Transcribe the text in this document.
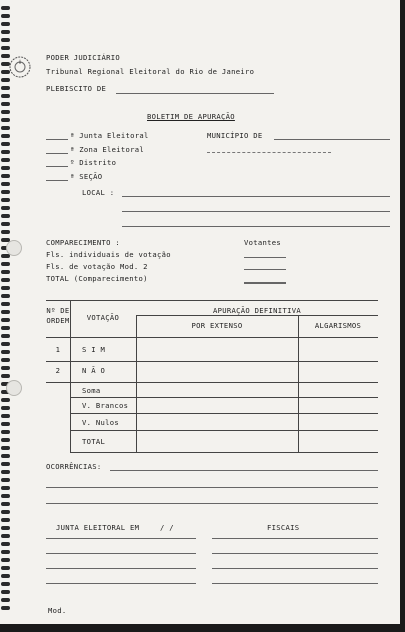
PODER JUDICIÁRIO
Tribunal Regional Eleitoral do Rio de Janeiro
PLEBISCITO DE
BOLETIM DE APURAÇÃO
ª Junta Eleitoral	MUNICÍPIO DE
ª Zona Eleitoral
º Distrito
ª SEÇÃO
LOCAL :
COMPARECIMENTO :	Votantes
Fls. individuais de votação
Fls. de votação Mod. 2
TOTAL (Comparecimento)
Nº DE
ORDEM	VOTAÇÃO
APURAÇÃO DEFINITIVA
POR EXTENSO	ALGARISMOS
1	S I M
2	N Ã O
Soma
V. Brancos
V. Nulos
TOTAL
OCORRÊNCIAS:
JUNTA ELEITORAL EM	/ /	FISCAIS
Mod.
